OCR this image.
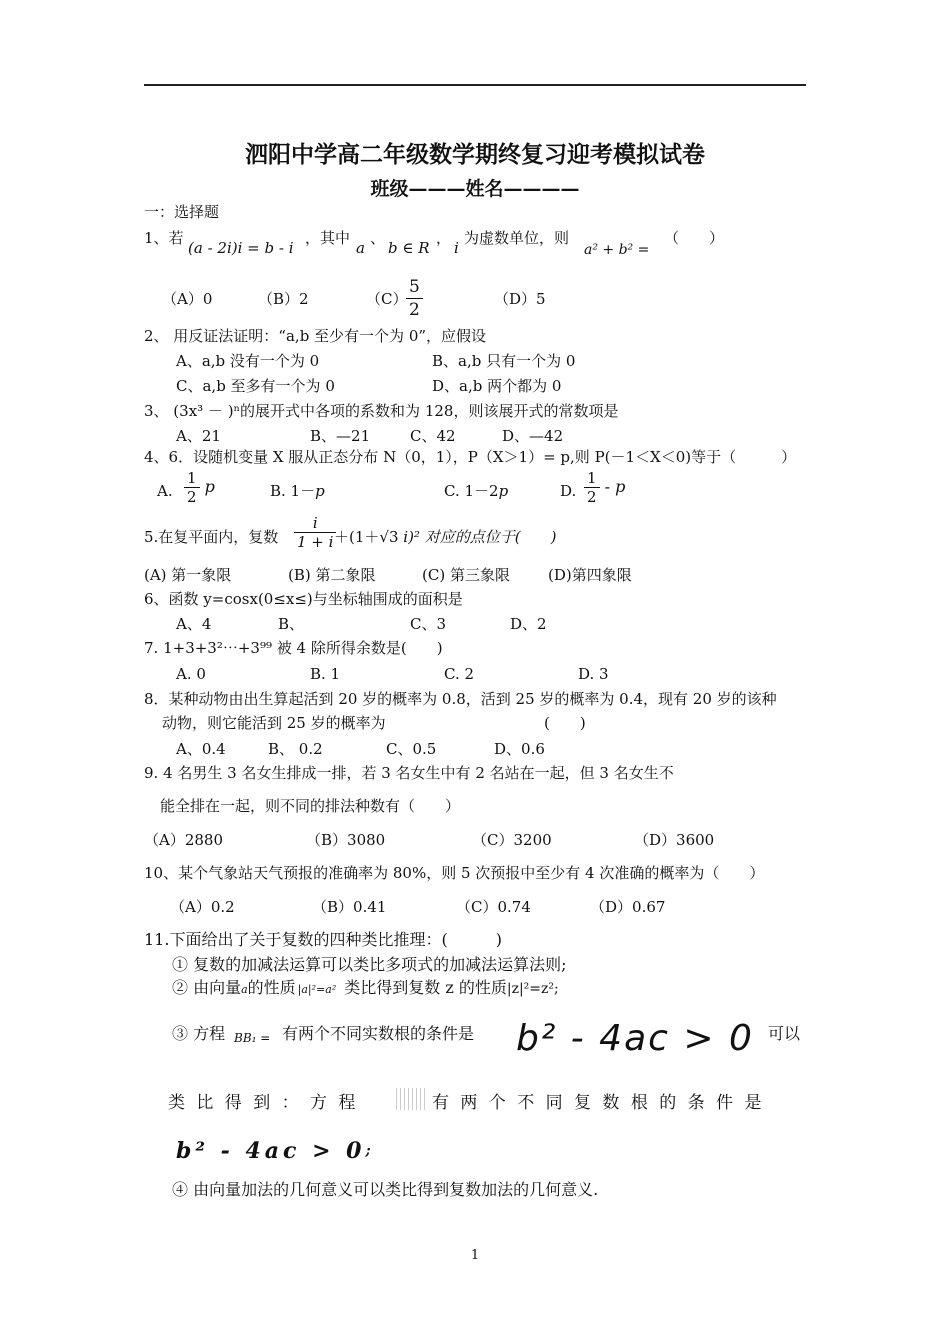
泗阳中学高二年级数学期终复习迎考模拟试卷
班级———姓名————
一：选择题
1、若
(a - 2i)i = b - i
，其中
a
、
b ∈ R
，
i
为虚数单位，则
a² + b² =
（　　）
（A）0	（B）2	（C）
$\frac{5}{2}$	（D）5
2、 用反证法证明：“a,b 至少有一个为 0”，应假设
A、a,b 没有一个为 0	B、a,b 只有一个为 0
C、a,b 至多有一个为 0	D、a,b 两个都为 0
3、 (3x³ － )ⁿ的展开式中各项的系数和为 128，则该展开式的常数项是
A、21	B、—21	C、42	D、—42
4、6．设随机变量 X 服从正态分布 N（0，1），P（X＞1）= p,则 P(－1＜X＜0)等于（　　　）
A. $\frac{1}{2}$ p	B. 1－p	C. 1－2p	D. $\frac{1}{2}$ - p
5.在复平面内，复数 $\frac{i}{1 + i}$
＋(1＋√3 i)² 对应的点位于(　　)
(A) 第一象限	(B) 第二象限	(C) 第三象限	(D)第四象限
6、函数 y=cosx(0≤x≤)与坐标轴围成的面积是
A、4	B、	C、3	D、2
7. 1+3+3²⋯+3⁹⁹ 被 4 除所得余数是(　　)
A. 0	B. 1	C. 2	D. 3
8．某种动物由出生算起活到 20 岁的概率为 0.8，活到 25 岁的概率为 0.4，现有 20 岁的该种
动物，则它能活到 25 岁的概率为	(　　)
A、0.4	B、 0.2	C、0.5	D、0.6
9. 4 名男生 3 名女生排成一排，若 3 名女生中有 2 名站在一起，但 3 名女生不
能全排在一起，则不同的排法种数有（　　）
（A）2880	（B）3080	（C）3200	（D）3600
10、某个气象站天气预报的准确率为 80%，则 5 次预报中至少有 4 次准确的概率为（　　）
（A）0.2	（B）0.41	（C）0.74	（D）0.67
11.下面给出了关于复数的四种类比推理：(　　　)
① 复数的加减法运算可以类比多项式的加减法运算法则;
② 由向量a的性质 |a|²=a² 类比得到复数 z 的性质|z|²=z²;
③ 方程 BB₁ = 有两个不同实数根的条件是 b² - 4ac > 0 可以
类 比 得 到 ： 方 程	有 两 个 不 同 复 数 根 的 条 件 是
b² - 4ac > 0;
④ 由向量加法的几何意义可以类比得到复数加法的几何意义.
1
